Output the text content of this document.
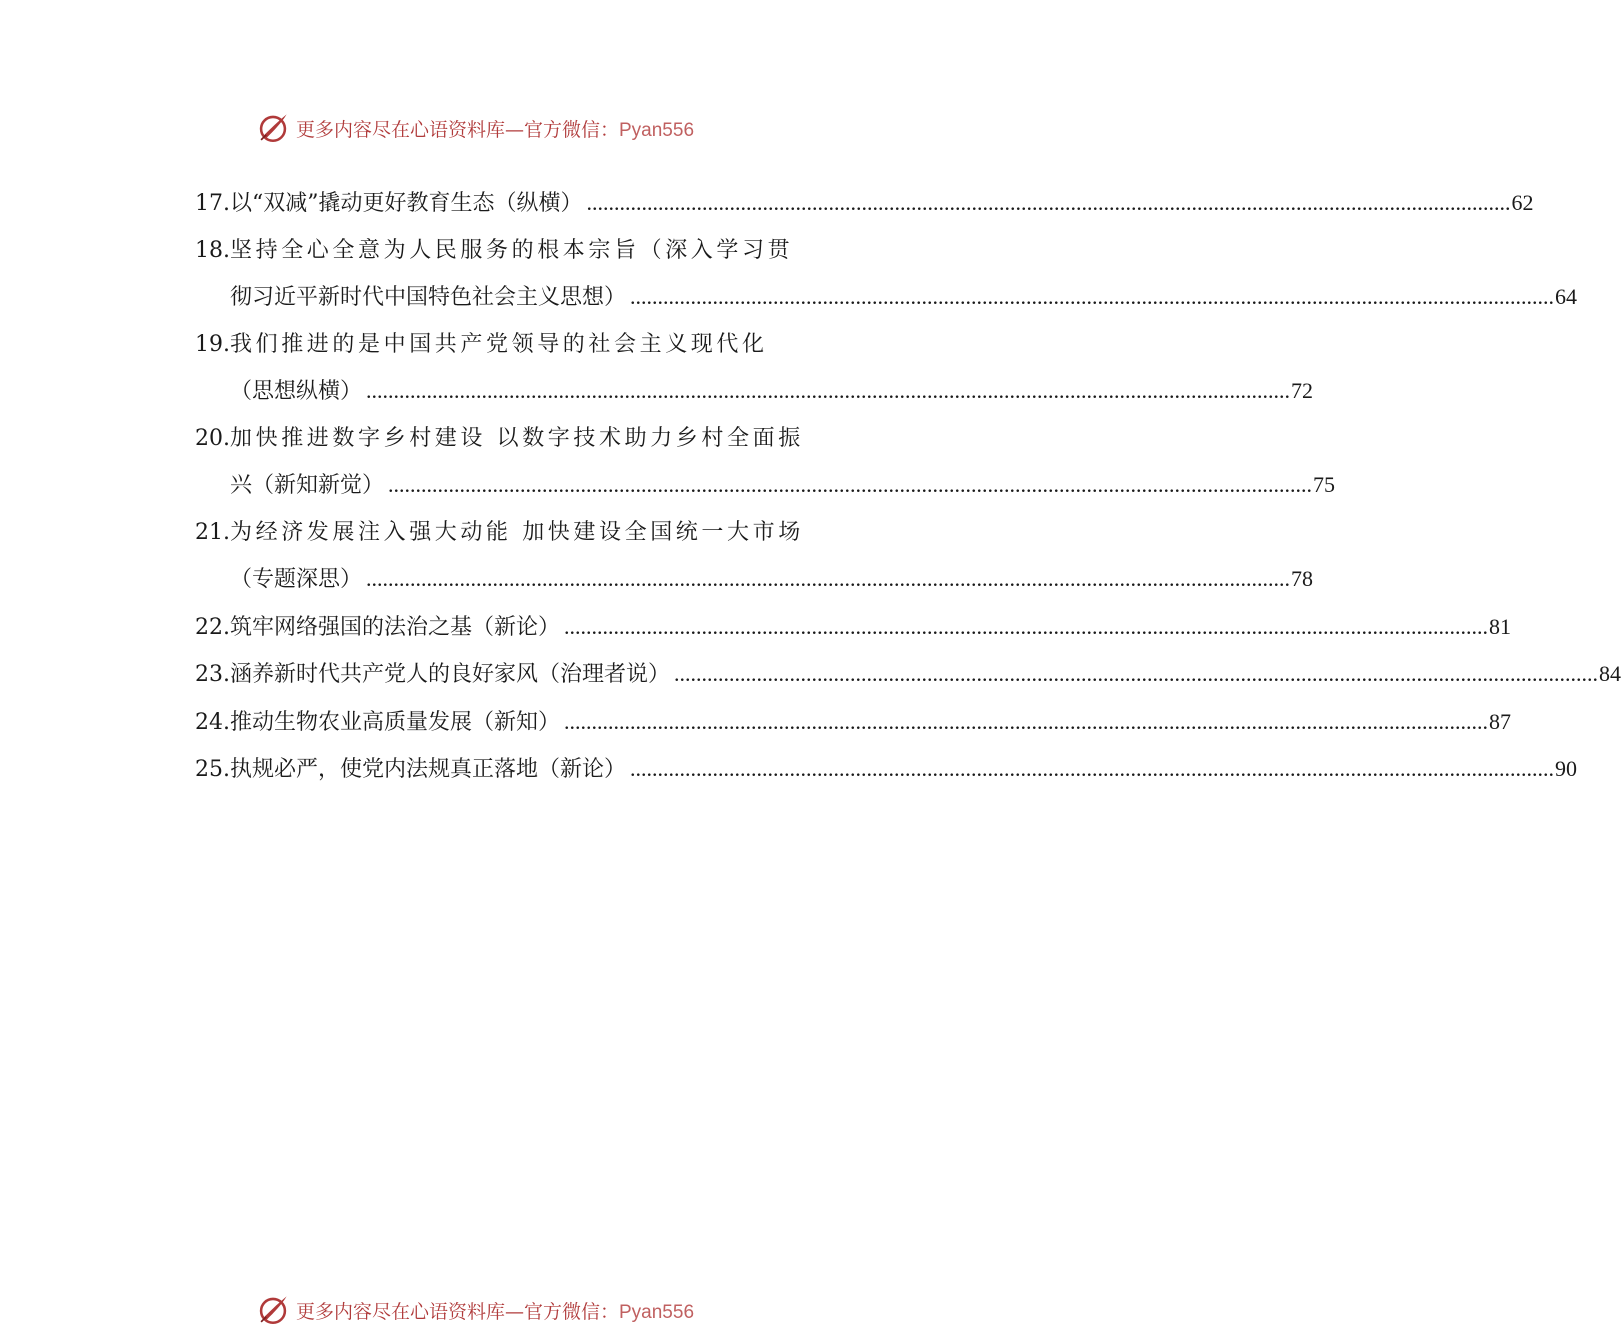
更多内容尽在心语资料库—官方微信：Pyan556
17. 以“双减”撬动更好教育生态（纵横） .....	62
18. 坚持全心全意为人民服务的根本宗旨（深入学习贯
彻习近平新时代中国特色社会主义思想） .....	64
19. 我们推进的是中国共产党领导的社会主义现代化
（思想纵横） .....	72
20. 加快推进数字乡村建设 以数字技术助力乡村全面振
兴（新知新觉） .....	75
21. 为经济发展注入强大动能 加快建设全国统一大市场
（专题深思） .....	78
22. 筑牢网络强国的法治之基（新论） .....	81
23. 涵养新时代共产党人的良好家风（治理者说） .....	84
24. 推动生物农业高质量发展（新知） .....	87
25. 执规必严，使党内法规真正落地（新论） .....	90
更多内容尽在心语资料库—官方微信：Pyan556
